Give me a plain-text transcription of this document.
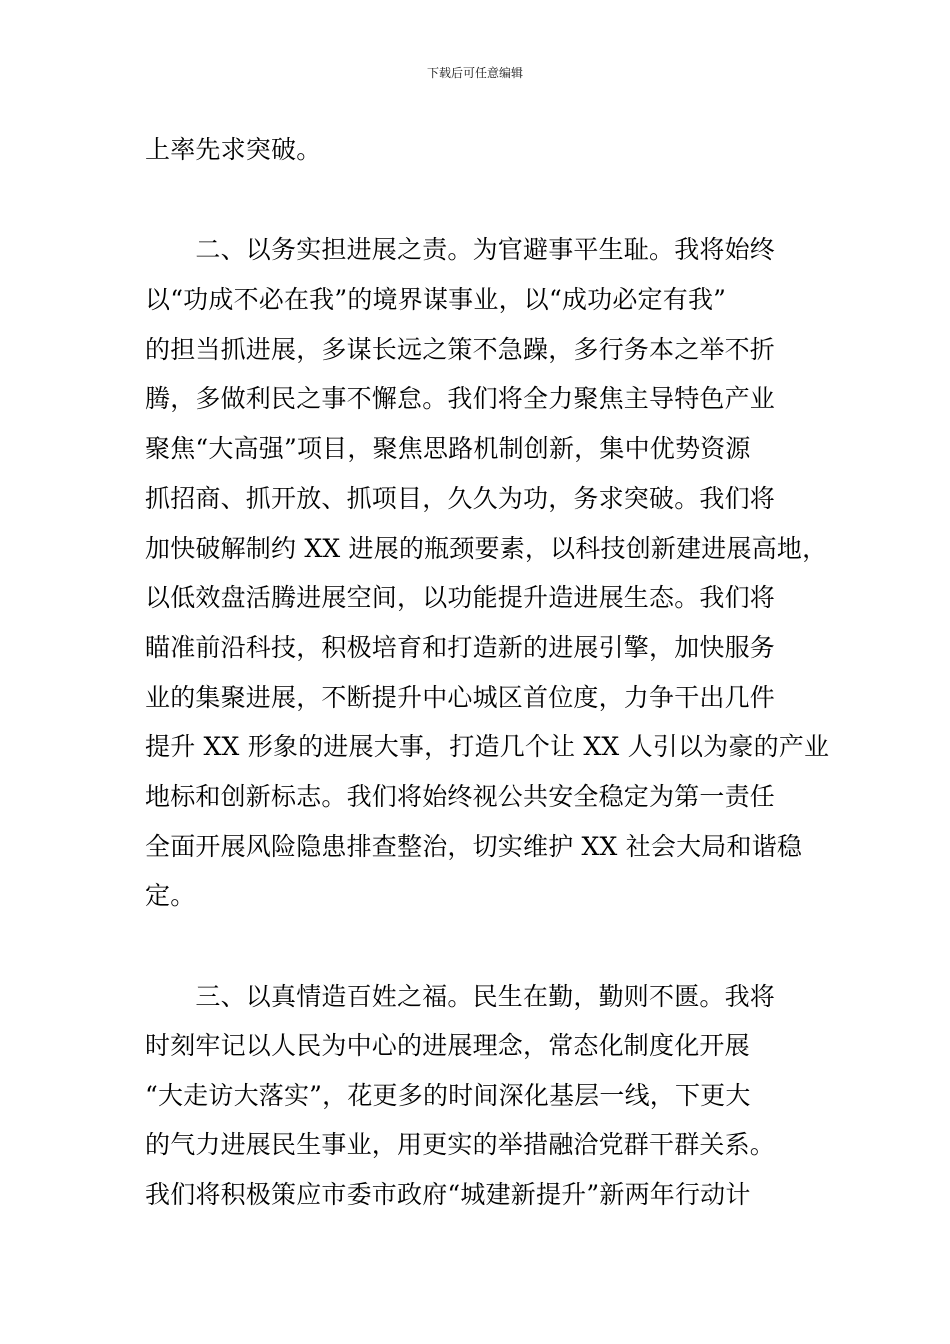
下载后可任意编辑
上率先求突破。
　　二、以务实担进展之责。为官避事平生耻。我将始终
以“功成不必在我”的境界谋事业，以“成功必定有我”
的担当抓进展，多谋长远之策不急躁，多行务本之举不折
腾，多做利民之事不懈怠。我们将全力聚焦主导特色产业
聚焦“大高强”项目，聚焦思路机制创新，集中优势资源
抓招商、抓开放、抓项目，久久为功，务求突破。我们将
加快破解制约 XX 进展的瓶颈要素，以科技创新建进展高地，
以低效盘活腾进展空间，以功能提升造进展生态。我们将
瞄准前沿科技，积极培育和打造新的进展引擎，加快服务
业的集聚进展，不断提升中心城区首位度，力争干出几件
提升 XX 形象的进展大事，打造几个让 XX 人引以为豪的产业
地标和创新标志。我们将始终视公共安全稳定为第一责任
全面开展风险隐患排查整治，切实维护 XX 社会大局和谐稳
定。
　　三、以真情造百姓之福。民生在勤，勤则不匮。我将
时刻牢记以人民为中心的进展理念，常态化制度化开展
“大走访大落实”，花更多的时间深化基层一线，下更大
的气力进展民生事业，用更实的举措融洽党群干群关系。
我们将积极策应市委市政府“城建新提升”新两年行动计
